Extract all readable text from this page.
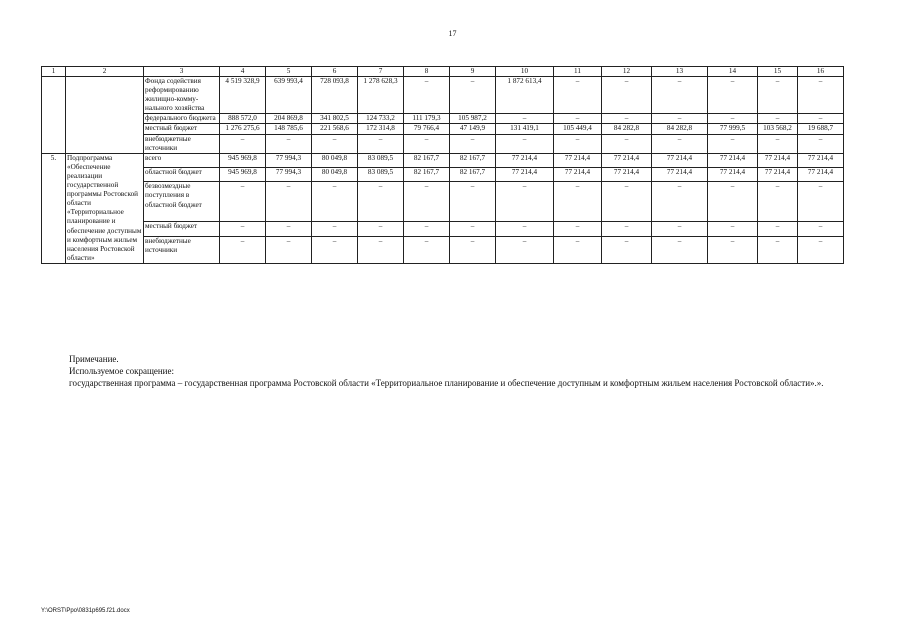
17
1	2	3	4	5	6	7	8	9	10	11	12	13	14	15	16
		Фонда содействия реформированию жилищно-комму-нального хозяйства	4 519 328,9	639 993,4	728 093,8	1 278 628,3	–	–	1 872 613,4	–	–	–	–	–	–
		федерального бюджета	888 572,0	204 869,8	341 802,5	124 733,2	111 179,3	105 987,2	–	–	–	–	–	–	–
		местный бюджет	1 276 275,6	148 785,6	221 568,6	172 314,8	79 766,4	47 149,9	131 419,1	105 449,4	84 282,8	84 282,8	77 999,5	103 568,2	19 688,7
		внебюджетные источники	–	–	–	–	–	–	–	–	–	–	–	–	–
5.	Подпрограмма «Обеспечение реализации государственной программы Ростовской области «Территориальное планирование и обеспечение доступным и комфортным жильем населения Ростовской области»	всего	945 969,8	77 994,3	80 049,8	83 089,5	82 167,7	82 167,7	77 214,4	77 214,4	77 214,4	77 214,4	77 214,4	77 214,4	77 214,4
		областной бюджет	945 969,8	77 994,3	80 049,8	83 089,5	82 167,7	82 167,7	77 214,4	77 214,4	77 214,4	77 214,4	77 214,4	77 214,4	77 214,4
		безвозмездные поступления в областной бюджет	–	–	–	–	–	–	–	–	–	–	–	–	–
		местный бюджет	–	–	–	–	–	–	–	–	–	–	–	–	–
		внебюджетные источники	–	–	–	–	–	–	–	–	–	–	–	–	–
Примечание.
Используемое сокращение:
государственная программа – государственная программа Ростовской области «Территориальное планирование и обеспечение доступным и комфортным жильем населения Ростовской области».».
Y:\ORST\Ppo\0831p695.f21.docx
